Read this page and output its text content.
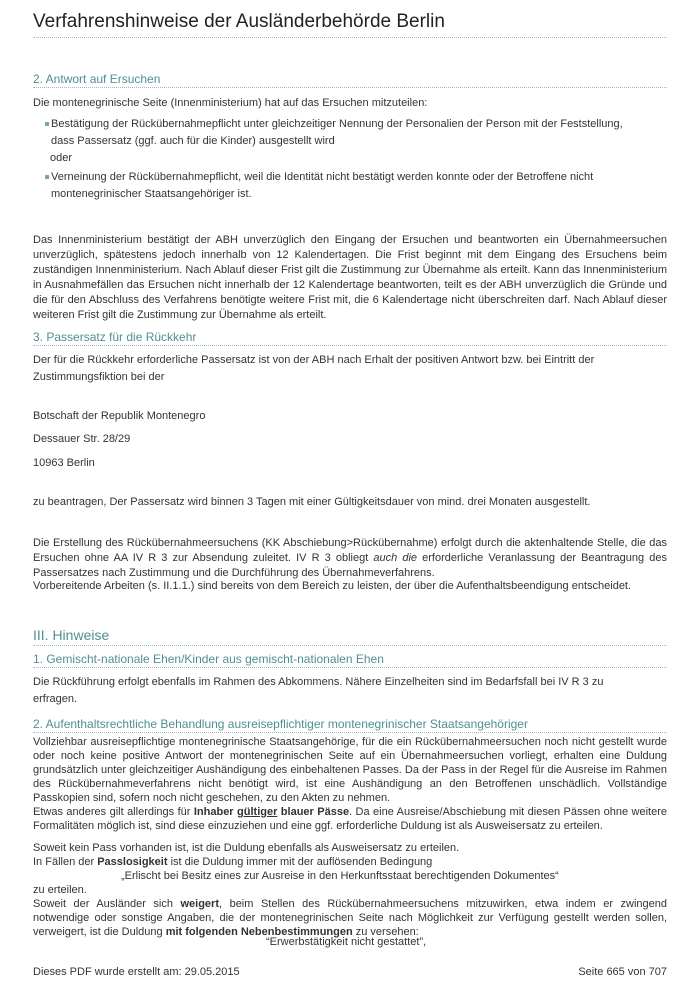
Verfahrenshinweise der Ausländerbehörde Berlin
2. Antwort auf Ersuchen
Die montenegrinische Seite (Innenministerium) hat auf das Ersuchen mitzuteilen:
Bestätigung der Rückübernahmepflicht unter gleichzeitiger Nennung der Personalien der Person mit der Feststellung,
dass Passersatz (ggf. auch für die Kinder) ausgestellt wird
oder
Verneinung der Rückübernahmepflicht, weil die Identität nicht bestätigt werden konnte oder der Betroffene nicht
montenegrinischer Staatsangehöriger ist.
Das Innenministerium bestätigt der ABH unverzüglich den Eingang der Ersuchen und beantworten ein Übernahmeersuchen unverzüglich, spätestens jedoch innerhalb von 12 Kalendertagen. Die Frist beginnt mit dem Eingang des Ersuchens beim zuständigen Innenministerium. Nach Ablauf dieser Frist gilt die Zustimmung zur Übernahme als erteilt. Kann das Innenministerium in Ausnahmefällen das Ersuchen nicht innerhalb der 12 Kalendertage beantworten, teilt es der ABH unverzüglich die Gründe und die für den Abschluss des Verfahrens benötigte weitere Frist mit, die 6 Kalendertage nicht überschreiten darf. Nach Ablauf dieser weiteren Frist gilt die Zustimmung zur Übernahme als erteilt.
3. Passersatz für die Rückkehr
Der für die Rückkehr erforderliche Passersatz ist von der ABH nach Erhalt der positiven Antwort bzw. bei Eintritt der
Zustimmungsfiktion bei der
Botschaft der Republik Montenegro
Dessauer Str. 28/29
10963 Berlin
zu beantragen, Der Passersatz wird binnen 3 Tagen mit einer Gültigkeitsdauer von mind. drei Monaten ausgestellt.
Die Erstellung des Rückübernahmeersuchens (KK Abschiebung>Rückübernahme) erfolgt durch die aktenhaltende Stelle, die das Ersuchen ohne AA IV R 3 zur Absendung zuleitet. IV R 3 obliegt auch die erforderliche Veranlassung der Beantragung des Passersatzes nach Zustimmung und die Durchführung des Übernahmeverfahrens.
Vorbereitende Arbeiten (s. II.1.1.) sind bereits von dem Bereich zu leisten, der über die Aufenthaltsbeendigung entscheidet.
III. Hinweise
1. Gemischt-nationale Ehen/Kinder aus gemischt-nationalen Ehen
Die Rückführung erfolgt ebenfalls im Rahmen des Abkommens. Nähere Einzelheiten sind im Bedarfsfall bei IV R 3 zu
erfragen.
2. Aufenthaltsrechtliche Behandlung ausreisepflichtiger montenegrinischer Staatsangehöriger
Vollziehbar ausreisepflichtige montenegrinische Staatsangehörige, für die ein Rückübernahmeersuchen noch nicht gestellt wurde oder noch keine positive Antwort der montenegrinischen Seite auf ein Übernahmeersuchen vorliegt, erhalten eine Duldung grundsätzlich unter gleichzeitiger Aushändigung des einbehaltenen Passes. Da der Pass in der Regel für die Ausreise im Rahmen des Rückübernahmeverfahrens nicht benötigt wird, ist eine Aushändigung an den Betroffenen unschädlich. Vollständige Passkopien sind, sofern noch nicht geschehen, zu den Akten zu nehmen.
Etwas anderes gilt allerdings für Inhaber gültiger blauer Pässe. Da eine Ausreise/Abschiebung mit diesen Pässen ohne weitere Formalitäten möglich ist, sind diese einzuziehen und eine ggf. erforderliche Duldung ist als Ausweisersatz zu erteilen.
Soweit kein Pass vorhanden ist, ist die Duldung ebenfalls als Ausweisersatz zu erteilen.
In Fällen der Passlosigkeit ist die Duldung immer mit der auflösenden Bedingung
„Erlischt bei Besitz eines zur Ausreise in den Herkunftsstaat berechtigenden Dokumentes“
zu erteilen.
Soweit der Ausländer sich weigert, beim Stellen des Rückübernahmeersuchens mitzuwirken, etwa indem er zwingend notwendige oder sonstige Angaben, die der montenegrinischen Seite nach Möglichkeit zur Verfügung gestellt werden sollen, verweigert, ist die Duldung mit folgenden Nebenbestimmungen zu versehen:
“Erwerbstätigkeit nicht gestattet”,
Dieses PDF wurde erstellt am: 29.05.2015	Seite 665 von 707
